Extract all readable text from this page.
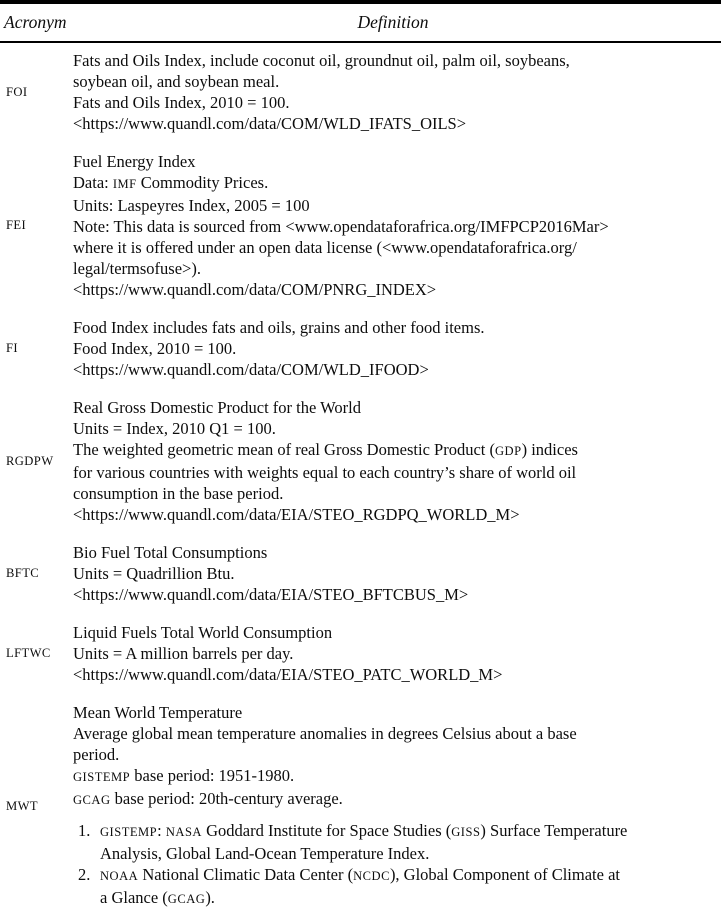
Acronym	Definition
FOI
Fats and Oils Index, include coconut oil, groundnut oil, palm oil, soybeans,
soybean oil, and soybean meal.
Fats and Oils Index, 2010 = 100.
<https://www.quandl.com/data/COM/WLD_IFATS_OILS>
FEI
Fuel Energy Index
Data: IMF Commodity Prices.
Units: Laspeyres Index, 2005 = 100
Note: This data is sourced from <www.opendataforafrica.org/IMFPCP2016Mar>
where it is offered under an open data license (<www.opendataforafrica.org/
legal/termsofuse>).
<https://www.quandl.com/data/COM/PNRG_INDEX>
FI
Food Index includes fats and oils, grains and other food items.
Food Index, 2010 = 100.
<https://www.quandl.com/data/COM/WLD_IFOOD>
RGDPW
Real Gross Domestic Product for the World
Units = Index, 2010 Q1 = 100.
The weighted geometric mean of real Gross Domestic Product (GDP) indices
for various countries with weights equal to each country’s share of world oil
consumption in the base period.
<https://www.quandl.com/data/EIA/STEO_RGDPQ_WORLD_M>
BFTC
Bio Fuel Total Consumptions
Units = Quadrillion Btu.
<https://www.quandl.com/data/EIA/STEO_BFTCBUS_M>
LFTWC
Liquid Fuels Total World Consumption
Units = A million barrels per day.
<https://www.quandl.com/data/EIA/STEO_PATC_WORLD_M>
MWT
Mean World Temperature
Average global mean temperature anomalies in degrees Celsius about a base
period.
GISTEMP base period: 1951-1980.
GCAG base period: 20th-century average.
1. GISTEMP: NASA Goddard Institute for Space Studies (GISS) Surface Temperature
Analysis, Global Land-Ocean Temperature Index.
2. NOAA National Climatic Data Center (NCDC), Global Component of Climate at
a Glance (GCAG).
